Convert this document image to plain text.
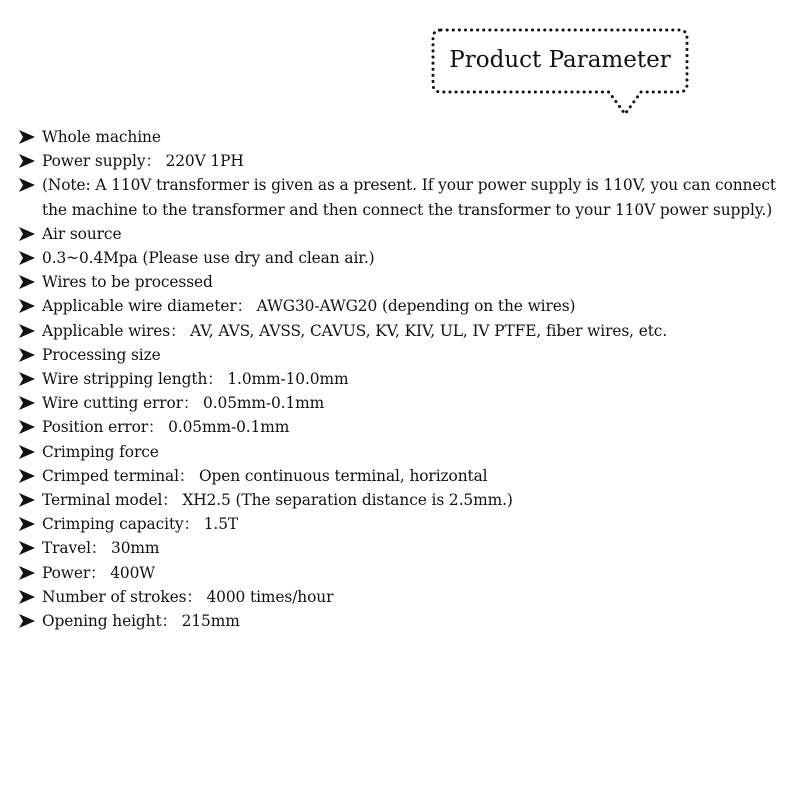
Product Parameter
Whole machine
Power supply： 220V 1PH
(Note: A 110V transformer is given as a present. If your power supply is 110V, you can connect the machine to the transformer and then connect the transformer to your 110V power supply.)
Air source
0.3~0.4Mpa (Please use dry and clean air.)
Wires to be processed
Applicable wire diameter： AWG30-AWG20 (depending on the wires)
Applicable wires： AV, AVS, AVSS, CAVUS, KV, KIV, UL, IV PTFE, fiber wires, etc.
Processing size
Wire stripping length： 1.0mm-10.0mm
Wire cutting error： 0.05mm-0.1mm
Position error： 0.05mm-0.1mm
Crimping force
Crimped terminal： Open continuous terminal, horizontal
Terminal model： XH2.5 (The separation distance is 2.5mm.)
Crimping capacity： 1.5T
Travel： 30mm
Power： 400W
Number of strokes： 4000 times/hour
Opening height： 215mm
